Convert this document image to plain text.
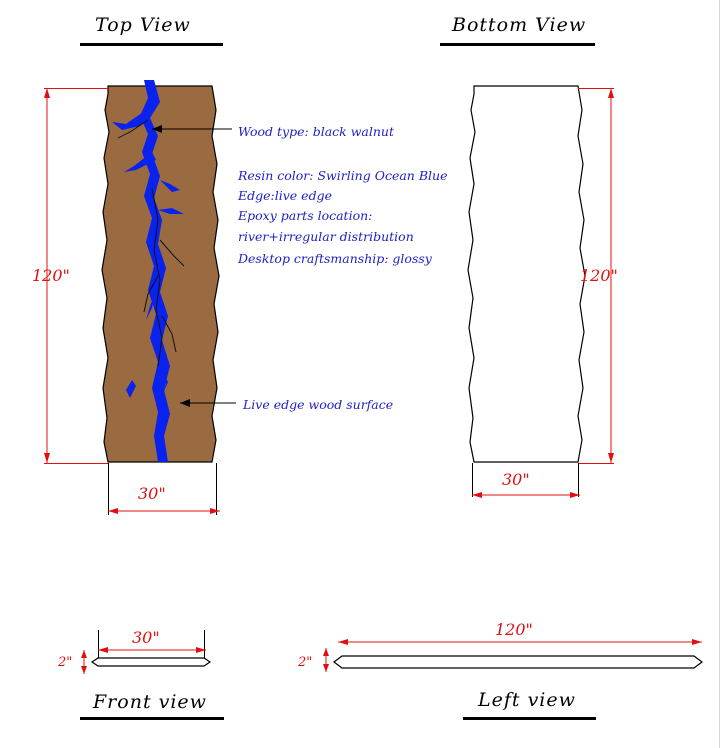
Top View
120"
30"
Wood type: black walnut
Resin color: Swirling Ocean Blue
Edge:live edge
Epoxy parts location:
river+irregular distribution
Desktop craftsmanship: glossy
Live edge wood surface
Bottom View
120"
30"
30"
2"
Front view
120"
2"
Left view
